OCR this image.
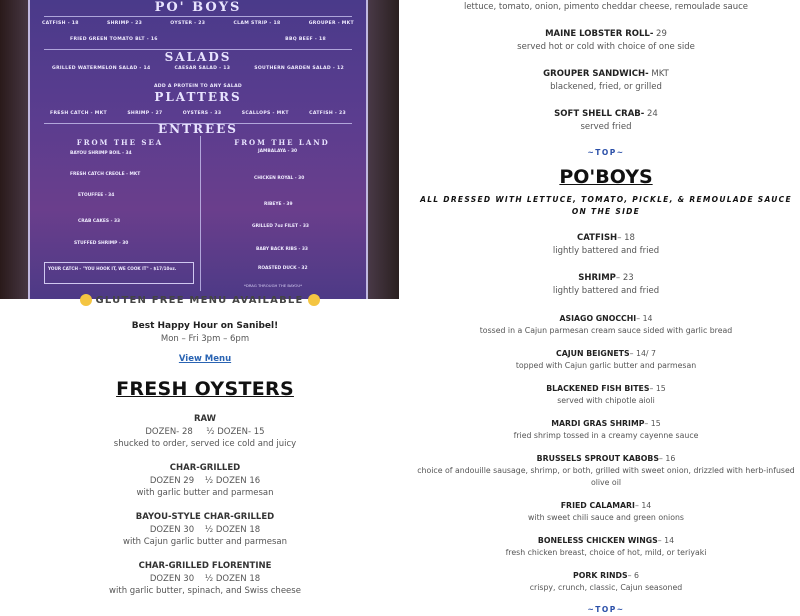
PO' BOYS
CATFISH - 18	SHRIMP - 23	OYSTER - 23	CLAM STRIP - 18	GROUPER - MKT
FRIED GREEN TOMATO BLT - 16	BBQ BEEF - 18
SALADS
GRILLED WATERMELON SALAD - 14	CAESAR SALAD - 13	SOUTHERN GARDEN SALAD - 12
ADD A PROTEIN TO ANY SALAD
PLATTERS
FRESH CATCH - MKT	SHRIMP - 27	OYSTERS - 33	SCALLOPS - MKT	CATFISH - 23
ENTREES
FROM THE SEA	FROM THE LAND
BAYOU SHRIMP BOIL - 34
FRESH CATCH CREOLE - MKT
ETOUFFEE - 34
CRAB CAKES - 33
STUFFED SHRIMP - 30
JAMBALAYA - 30
CHICKEN ROYAL - 30
RIBEYE - 39
GRILLED 7oz FILET - 33
BABY BACK RIBS - 33
ROASTED DUCK - 32
YOUR CATCH - "YOU HOOK IT, WE COOK IT" - $17/10oz.
*DRAG THROUGH THE BAYOU*
GLUTEN FREE MENU AVAILABLE
Best Happy Hour on Sanibel!
Mon – Fri 3pm – 6pm
View Menu
FRESH OYSTERS
RAW
DOZEN- 28     ½ DOZEN- 15
shucked to order, served ice cold and juicy
CHAR-GRILLED
DOZEN 29    ½ DOZEN 16
with garlic butter and parmesan
BAYOU-STYLE CHAR-GRILLED
DOZEN 30    ½ DOZEN 18
with Cajun garlic butter and parmesan
CHAR-GRILLED FLORENTINE
DOZEN 30    ½ DOZEN 18
with garlic butter, spinach, and Swiss cheese
lettuce, tomato, onion, pimento cheddar cheese, remoulade sauce
MAINE LOBSTER ROLL- 29
served hot or cold with choice of one side
GROUPER SANDWICH- MKT
blackened, fried, or grilled
SOFT SHELL CRAB- 24
served fried
~TOP~
PO'BOYS
ALL DRESSED WITH LETTUCE, TOMATO, PICKLE, & REMOULADE SAUCE ON THE SIDE
CATFISH– 18
lightly battered and fried
SHRIMP– 23
lightly battered and fried
ASIAGO GNOCCHI– 14
tossed in a Cajun parmesan cream sauce sided with garlic bread
CAJUN BEIGNETS– 14/ 7
topped with Cajun garlic butter and parmesan
BLACKENED FISH BITES– 15
served with chipotle aioli
MARDI GRAS SHRIMP– 15
fried shrimp tossed in a creamy cayenne sauce
BRUSSELS SPROUT KABOBS– 16
choice of andouille sausage, shrimp, or both, grilled with sweet onion, drizzled with herb-infused olive oil
FRIED CALAMARI– 14
with sweet chili sauce and green onions
BONELESS CHICKEN WINGS– 14
fresh chicken breast, choice of hot, mild, or teriyaki
PORK RINDS– 6
crispy, crunch, classic, Cajun seasoned
~TOP~
